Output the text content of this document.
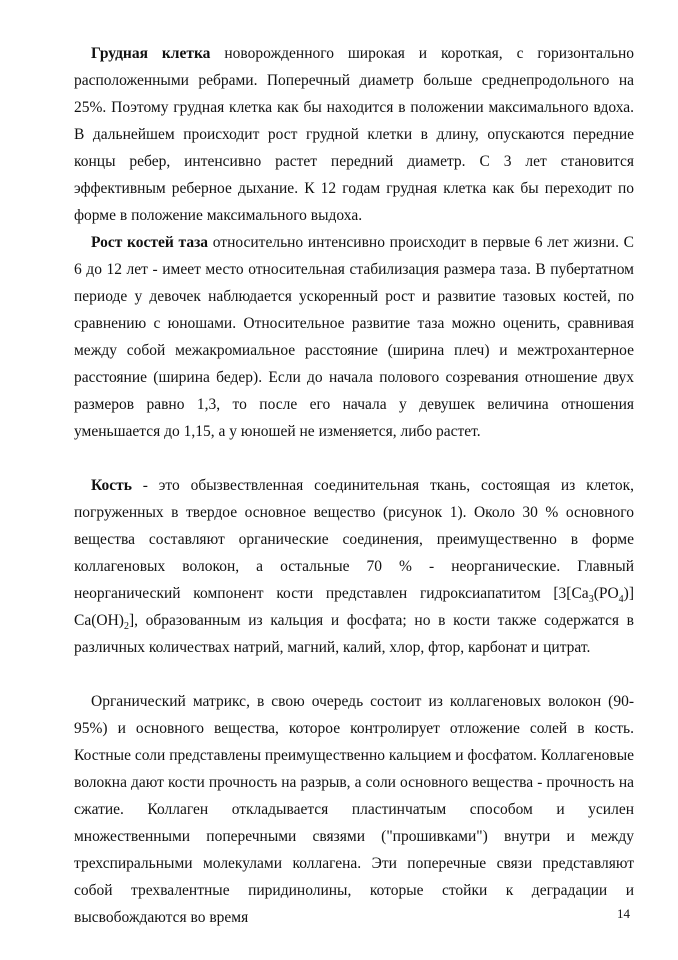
Грудная клетка новорожденного широкая и короткая, с горизонтально расположенными ребрами. Поперечный диаметр больше среднепродольного на 25%. Поэтому грудная клетка как бы находится в положении максимального вдоха. В дальнейшем происходит рост грудной клетки в длину, опускаются передние концы ребер, интенсивно растет передний диаметр. С 3 лет становится эффективным реберное дыхание. К 12 годам грудная клетка как бы переходит по форме в положение максимального выдоха.

Рост костей таза относительно интенсивно происходит в первые 6 лет жизни. С 6 до 12 лет - имеет место относительная стабилизация размера таза. В пубертатном периоде у девочек наблюдается ускоренный рост и развитие тазовых костей, по сравнению с юношами. Относительное развитие таза можно оценить, сравнивая между собой межакромиальное расстояние (ширина плеч) и межтрохантерное расстояние (ширина бедер). Если до начала полового созревания отношение двух размеров равно 1,3, то после его начала у девушек величина отношения уменьшается до 1,15, а у юношей не изменяется, либо растет.

Кость - это обызвествленная соединительная ткань, состоящая из клеток, погруженных в твердое основное вещество (рисунок 1). Около 30 % основного вещества составляют органические соединения, преимущественно в форме коллагеновых волокон, а остальные 70 % - неорганические. Главный неорганический компонент кости представлен гидроксиапатитом [$3[Ca_3(PO_4)]$ $Ca(OH)_2$], образованным из кальция и фосфата; но в кости также содержатся в различных количествах натрий, магний, калий, хлор, фтор, карбонат и цитрат.

Органический матрикс, в свою очередь состоит из коллагеновых волокон (90-95%) и основного вещества, которое контролирует отложение солей в кость. Костные соли представлены преимущественно кальцием и фосфатом. Коллагеновые волокна дают кости прочность на разрыв, а соли основного вещества - прочность на сжатие. Коллаген откладывается пластинчатым способом и усилен множественными поперечными связями ("прошивками") внутри и между трехспиральными молекулами коллагена. Эти поперечные связи представляют собой трехвалентные пиридинолины, которые стойки к деградации и высвобождаются во время	14
